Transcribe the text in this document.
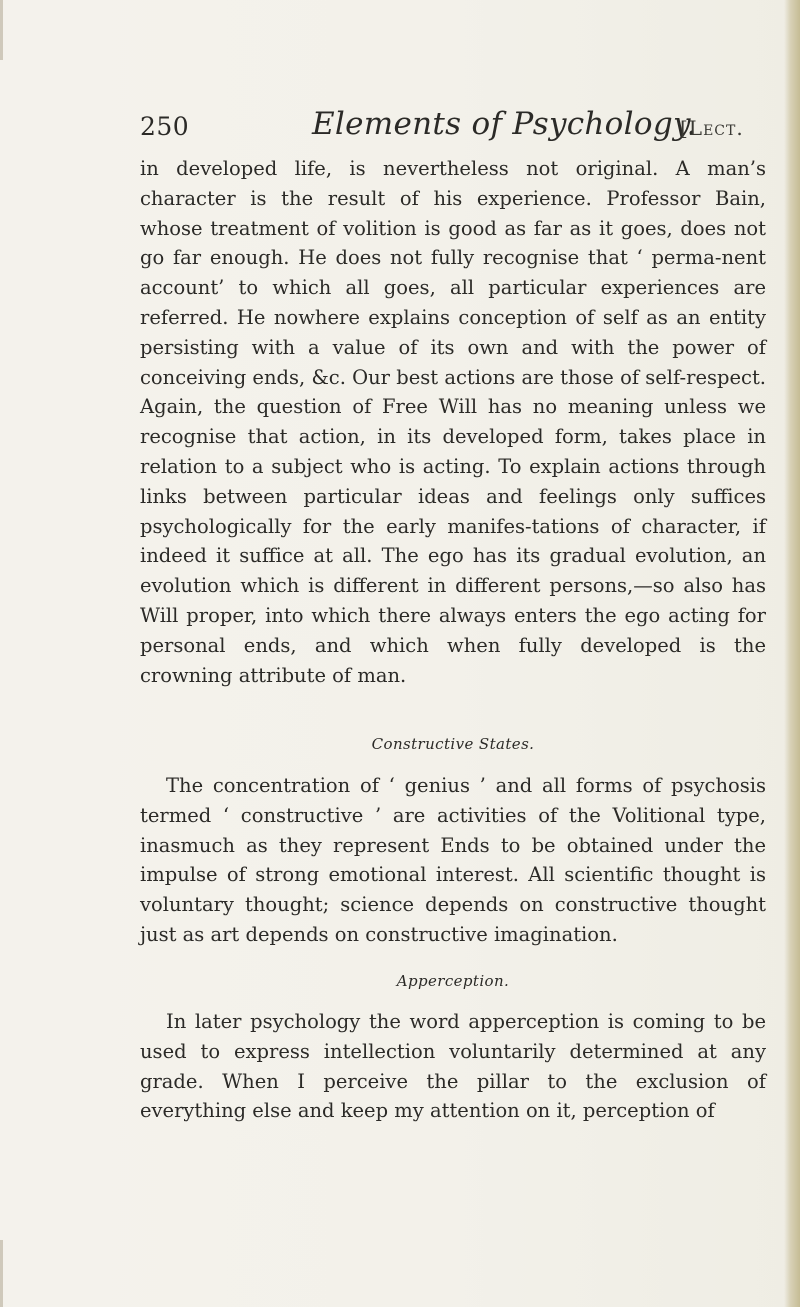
250	Elements of Psychology.
[Lect.

in developed life, is nevertheless not original. A man’s character is the result of his experience. Professor Bain, whose treatment of volition is good as far as it goes, does not go far enough. He does not fully recognise that ‘ perma-nent account’ to which all goes, all particular experiences are referred. He nowhere explains conception of self as an entity persisting with a value of its own and with the power of conceiving ends, &c. Our best actions are those of self-respect. Again, the question of Free Will has no meaning unless we recognise that action, in its developed form, takes place in relation to a subject who is acting. To explain actions through links between particular ideas and feelings only suffices psychologically for the early manifes-tations of character, if indeed it suffice at all. The ego has its gradual evolution, an evolution which is different in different persons,—so also has Will proper, into which there always enters the ego acting for personal ends, and which when fully developed is the crowning attribute of man.

Constructive States.

The concentration of ‘ genius ’ and all forms of psychosis termed ‘ constructive ’ are activities of the Volitional type, inasmuch as they represent Ends to be obtained under the impulse of strong emotional interest. All scientific thought is voluntary thought; science depends on constructive thought just as art depends on constructive imagination.

Apperception.

In later psychology the word apperception is coming to be used to express intellection voluntarily determined at any grade. When I perceive the pillar to the exclusion of everything else and keep my attention on it, perception of
